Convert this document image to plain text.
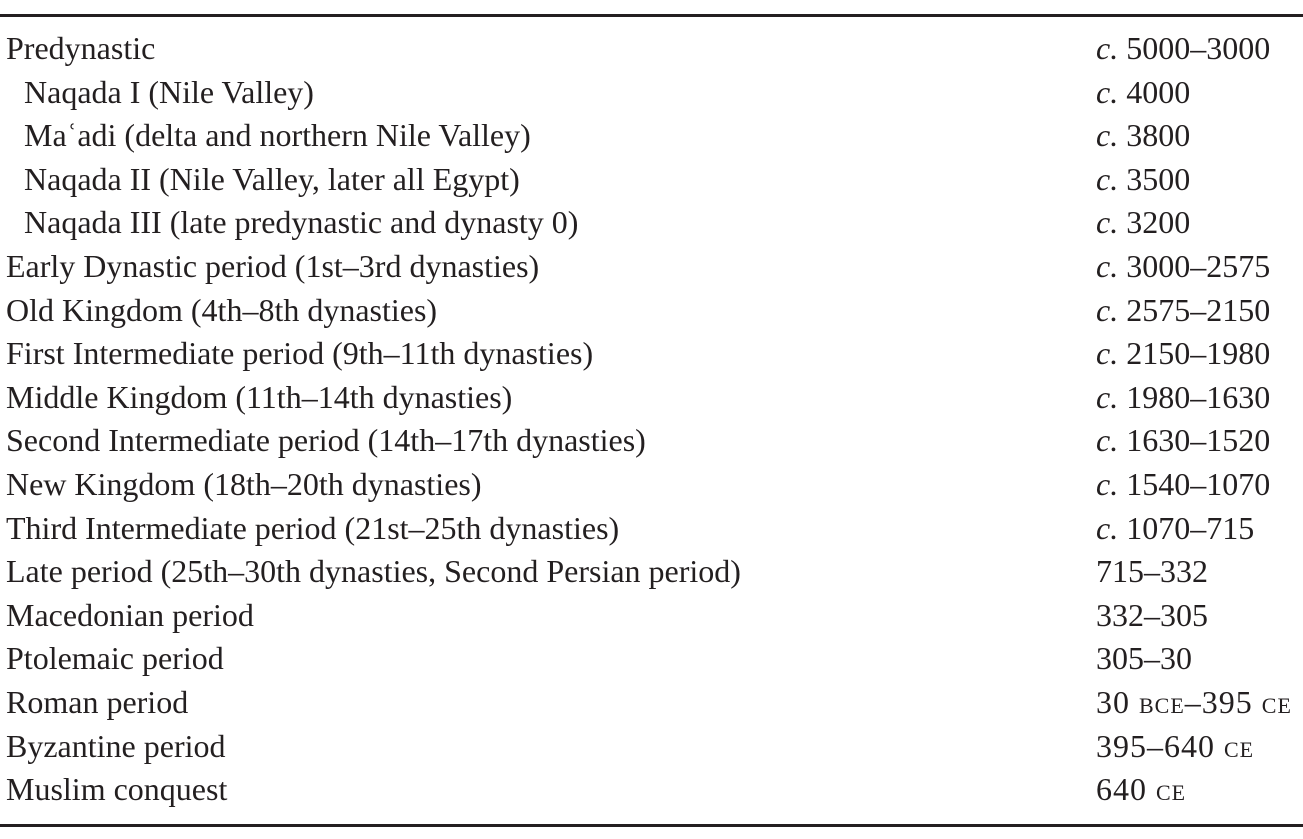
Predynastic	c. 5000–3000
Naqada I (Nile Valley)	c. 4000
Maʿadi (delta and northern Nile Valley)	c. 3800
Naqada II (Nile Valley, later all Egypt)	c. 3500
Naqada III (late predynastic and dynasty 0)	c. 3200
Early Dynastic period (1st–3rd dynasties)	c. 3000–2575
Old Kingdom (4th–8th dynasties)	c. 2575–2150
First Intermediate period (9th–11th dynasties)	c. 2150–1980
Middle Kingdom (11th–14th dynasties)	c. 1980–1630
Second Intermediate period (14th–17th dynasties)	c. 1630–1520
New Kingdom (18th–20th dynasties)	c. 1540–1070
Third Intermediate period (21st–25th dynasties)	c. 1070–715
Late period (25th–30th dynasties, Second Persian period)	715–332
Macedonian period	332–305
Ptolemaic period	305–30
Roman period	30 bce–395 ce
Byzantine period	395–640 ce
Muslim conquest	640 ce
